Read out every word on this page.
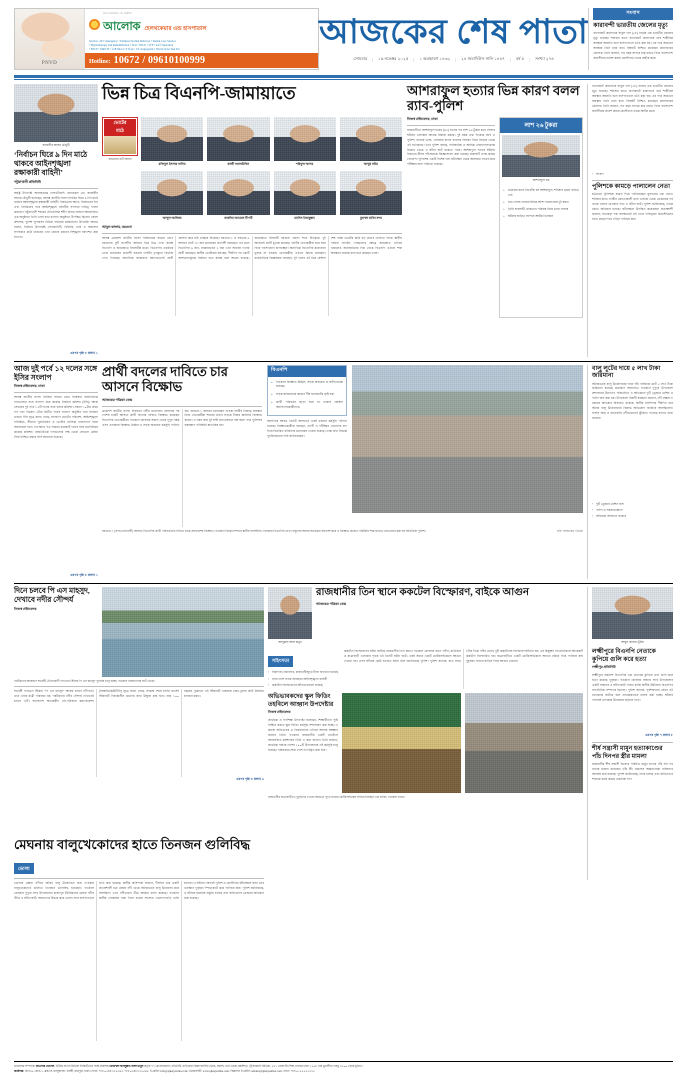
PNVD
ঢাকা মেডিকেল এন্ড ডেন্টাল
আলোক হেলথকেয়ার এন্ড হাসপাতাল
Service- 24/7 emergency • Painless Normal Delivery • Dental Care Service
• Physiotherapy and Rehabilitation • ICU • NICU • IVF • 24/7 Operation
• EECP • MRI 3T • 128 Slice CT Scan • CT Angiogram • World Class Test Etc
Hotline: 10672 / 09610100999
আজকের শেষ পাতা
সোমবার | ১৬ নভেম্বর ২০২৫ | ১ অগ্রহায়ণ ১৪৩২ | ২৪ জমাদিউস সানি ১৪৪৭ | বর্ষ ৫ | সংখ্যা ২৭৪
সংবাদ
কারাবন্দী ভারতীয় জেলের মৃত্যু
বাগেরহাট কারাগারে বাবুল দাস (৫৮) নামের এক ভারতীয় জেলের মৃত্যু হয়েছে। শনিবার রাতে বাগেরহাট কারাগারে তার শারীরিক অবস্থার অবনতি হলে হাসপাতালে ভর্তি করা হয়। এর পরে অচেতন অবস্থায় তিনি মারা যান। বিষয়টি নিশ্চিত করেছেন কারাগারের জেলার। তিনি জানান, গত বছর সাগরে মাছ ধরতে গিয়ে বাংলাদেশ জলসীমায় প্রবেশ করায় কোস্টগার্ড তাকে আটক করে।
জাহাঙ্গীর আলম চৌধুরী
‘নির্বাচন ঘিরে ৯ দিন মাঠে থাকবে আইনশৃঙ্খলা রক্ষাকারী বাহিনী’
পটুয়াখালী প্রতিনিধি
স্বরাষ্ট্র উপদেষ্টা অবসরপ্রাপ্ত লেফটেন্যান্ট জেনারেল মো. জাহাঙ্গীর আলম চৌধুরী বলেছেন, আসন্ন জাতীয় সংসদ নির্বাচন ঘিরে ৯ দিন মাঠে থাকবে আইনশৃঙ্খলা রক্ষাকারী বাহিনী। নির্বাচনের আগে, নির্বাচনের দিন এবং নির্বাচনের পরে আইনশৃঙ্খলা বাহিনীর সদস্যরা দায়িত্ব পালন করবেন। পটুয়াখালী শহরের ঐতিহাসিক শহীদ মিনার প্রাঙ্গণে আয়োজিত এক অনুষ্ঠানে তিনি এসব কথা বলেন। অনুষ্ঠানে উপস্থিত ছিলেন জেলা প্রশাসক, পুলিশ সুপারসহ বিভিন্ন পর্যায়ের কর্মকর্তারা। উপদেষ্টা আরও বলেন, নির্বাচন উপলক্ষে সেনাবাহিনী, বিজিবি, র‍্যাব ও আনসার সদস্যরাও মাঠে থাকবেন এবং কোনো ধরনের বিশৃঙ্খলা বরদাশত করা হবে না।
এরপর পৃষ্ঠা ৮ কলাম ১
ভিন্ন চিত্র বিএনপি-জামায়াতে	আশরাফুল হত্যার ভিন্ন কারণ বলল র‍্যাব-পুলিশ
ভোটের
মাঠে
বরগুনার এটি আসন
মজিবুল ইসলাম নাসিম	কাজী আলাউদ্দিন	শরিফুল আলম	আব্দুর রহিম
আব্দুল আজিজ	রাকসিম আহমেদ টিপটি	মহসিন ইজাবুল্লাহ	মুহাম্মদ হাবিব বশর
আবুল কালাম, বরগুনা
আসন্ন ত্রয়োদশ জাতীয় সংসদ নির্বাচনকে সামনে রেখে বরগুনার দুটি সংসদীয় আসনে ভিন্ন চিত্র দেখা যাচ্ছে বিএনপি ও জামায়াতে ইসলামীর মধ্যে। বিএনপির একাধিক নেতা মনোনয়ন প্রত্যাশী হওয়ায় দলটির তৃণমূলে বিভক্তি দেখা দিয়েছে। অন্যদিকে জামায়াত আগেভাগেই প্রার্থী ঘোষণা করে মাঠ গুছিয়ে নিয়েছে। বরগুনা-১ ও বরগুনা-২ আসনে মোট ১৮ জন মনোনয়ন প্রত্যাশী রয়েছেন। এর মধ্যে বিএনপির ৯ জন, জামায়াতের ২ জন এবং অন্যান্য দলের প্রার্থী রয়েছেন। স্থানীয় ভোটাররা বলছেন, দীর্ঘদিন পর একটি অংশগ্রহণমূলক নির্বাচন হতে যাচ্ছে বলে আগ্রহ বাড়ছে। জামায়াতে ইসলামী বরগুনা জেলা শাখা ইতিমধ্যে দুই আসনেই প্রার্থী চূড়ান্ত করেছে। দলটির নেতাকর্মীরা ঘরে ঘরে গিয়ে গণসংযোগ চালাচ্ছেন। অন্যদিকে বিএনপির মনোনয়ন চূড়ান্ত না হওয়ায় নেতাকর্মীরা এখনো দ্বিধায় রয়েছেন। রাজনৈতিক বিশ্লেষকরা বলছেন, দুই দলের এই ভিন্ন কৌশল শেষ পর্যন্ত ভোটের মাঠে বড় প্রভাব ফেলতে পারে। স্থানীয় পর্যায়ে সংগঠন গোছানোর ক্ষেত্রে জামায়াত এগিয়ে থাকলেও জনসমর্থনের দিক থেকে বিএনপি এখনো শক্ত অবস্থানে রয়েছে বলে মনে করছেন তারা।
নিজস্ব প্রতিবেদক, ঢাকা
রাজধানীতে আশরাফুল হকের (৪২) হত্যার পর লাশ ২৬ টুকরা করে ফেলার ঘটনায় এলাকায় আতঙ্ক বিরাজ করছে। দুই রকম তথ্য দিয়েছে র‍্যাব ও পুলিশ। র‍্যাবের ভাষ্য, এলাকার মাদক ব্যবসার নিয়ন্ত্রণ নিয়ে বিরোধ থেকে এই হত্যাকাণ্ড। তবে পুলিশ বলছে, পারিবারিক ও আর্থিক লেনদেনসংক্রান্ত বিরোধ থেকে এ ঘটনা ঘটে থাকতে পারে। আশরাফুল হত্যার ঘটনায় নিহতের স্ত্রীসহ পাঁচজনকে জিজ্ঞাসাবাদ করা হয়েছে। মামলাটি তদন্ত করছে গোয়েন্দা পুলিশের একটি বিশেষ দল। ঘটনাস্থল থেকে আলামত সংগ্রহ করে পরীক্ষার জন্য পাঠানো হয়েছে।
লাশ ২৬ টুকরা
আশরাফুল হক
» শুক্রবার রাতে নিখোঁজ হন আশরাফুল, শনিবার মেলে খণ্ডিত দেহ
» হাত-পাসহ দেহের বিভিন্ন অংশ পাওয়া যায় দুই স্থানে
» তিনি ব্যবসায়ী, থাকতেন পরিবার নিয়ে ভাড়া বাসায়
» ঘটনায় জড়িত সন্দেহে আটক তিনজন
বাগেরহাট কারাগারে বাবুল দাস (৫৮) নামের এক ভারতীয় জেলের মৃত্যু হয়েছে। শনিবার রাতে বাগেরহাট কারাগারে তার শারীরিক অবস্থার অবনতি হলে হাসপাতালে ভর্তি করা হয়। এর পরে অচেতন অবস্থায় তিনি মারা যান। বিষয়টি নিশ্চিত করেছেন কারাগারের জেলার। তিনি জানান, গত বছর সাগরে মাছ ধরতে গিয়ে বাংলাদেশ জলসীমায় প্রবেশ করায় কোস্টগার্ড তাকে আটক করে।
• সংবাদ
পুলিশকে কামড়ে পালালেন নেতা
চট্টগ্রামে পুলিশকে কামড় দিয়ে পালিয়েছেন যুবদলের এক নেতা। শনিবার রাতে নগরীর কোতোয়ালী থানা এলাকা থেকে গ্রেপ্তারের পর তাকে থানায় নেওয়ার পথে এ ঘটনা ঘটে। পুলিশ জানিয়েছে, তাকে ধরতে অভিযান চলছে। ঘটনাস্থলে উপস্থিত কয়েকজন প্রত্যক্ষদর্শী জানান, হাতকড়া পরা অবস্থাতেই ওই নেতা দায়িত্বরত কনস্টেবলের হাতে কামড় দিয়ে দৌড়ে পালিয়ে যান।
আজ দুই পর্বে ১২ দলের সঙ্গে ইসির সংলাপ
নিজস্ব প্রতিবেদক, ঢাকা
আসন্ন জাতীয় সংসদ নির্বাচন সামনে রেখে নিবন্ধিত রাজনৈতিক দলগুলোর সঙ্গে সংলাপ শুরু করেছে নির্বাচন কমিশন (ইসি)। আজ সোমবার দুই পর্বে ১২টি দলের সঙ্গে বসবে কমিশন। সকাল ১০টায় প্রথম পর্ব এবং বিকেল ৩টায় দ্বিতীয় পর্বের সংলাপ অনুষ্ঠিত হবে নির্বাচন ভবনে। ইসি সূত্রে জানা গেছে, সংলাপে ভোটের পরিবেশ, আইনশৃঙ্খলা পরিস্থিতি, সীমানা পুনর্নির্ধারণ ও ভোটার তালিকা হালনাগাদ নিয়ে আলোচনা হবে। এর আগে গত সপ্তাহে কয়েকটি দলের সঙ্গে মতবিনিময় করেছে কমিশন। রাজনৈতিক দলগুলোর পক্ষ থেকে লেভেল প্লেয়িং ফিল্ড নিশ্চিত করার দাবি জানানো হয়েছে।
এরপর পৃষ্ঠা ৮ কলাম ১
প্রার্থী বদলের দাবিতে চার আসনে বিক্ষোভ
আজকের পত্রিকা ডেস্ক
ত্রয়োদশ জাতীয় সংসদ নির্বাচনে দলীয় মনোনয়ন ঘোষণার পর দেশের চারটি আসনে প্রার্থী বদলের দাবিতে বিক্ষোভ করেছেন বিএনপির নেতাকর্মীরা। গতকাল রোববার সকাল থেকে দুপুর পর্যন্ত এসব এলাকায় বিক্ষোভ মিছিল ও সড়ক অবরোধ কর্মসূচি পালিত হয়। বরগুনা-১ আসনে মনোনয়ন পাওয়া প্রার্থীর বিরুদ্ধে অবস্থান নিয়ে নেতাকর্মীরা শহরের প্রধান সড়কে টায়ার জ্বালিয়ে বিক্ষোভ করেন। এ সময় প্রায় দুই ঘণ্টা যান চলাচল বন্ধ ছিল। পরে পুলিশের হস্তক্ষেপে পরিস্থিতি স্বাভাবিক হয়।
বিএনপি
» গতকাল বিক্ষোভ মিছিল, সড়ক অবরোধ ও ঘণ্টাখানেক হয়েছে।
» সড়ক অবরোধের কারণে দীর্ঘ যানজটের সৃষ্টি হয়।
» প্রার্থী পরিবর্তন ছাড়া ঘরে না ফেরার ঘোষণা আন্দোলনকারীদের।
অন্যদিকে আরও তিনটি আসনেও একই ধরনের কর্মসূচি পালিত হয়েছে। বিক্ষোভকারীরা বলছেন, ত্যাগী ও পরীক্ষিত নেতাদের বাদ দিয়ে বিতর্কিত ব্যক্তিদের মনোনয়ন দেওয়া হয়েছে। তারা দ্রুত সিদ্ধান্ত পুনর্বিবেচনার দাবি জানিয়েছেন।
বরগুনা-১ (সদর-তালতলী) আসনে বিএনপির প্রার্থী পরিবর্তনের দাবিতে শুয়ে-সমাবেশের বিক্ষোভ। গতকাল বিকেলে শহরে স্থানীয় বাসস্ট্যান্ড এলাকায় বিএনপির নেতা বাবুলের আলম সমর্থকরা সমাবেশ করে এ বিক্ষোভ করেন। পরিস্থিতি শান্ত রাখতে মোতায়েন করা হয় অতিরিক্ত পুলিশ।	ছবি: আজকের পত্রিকা
বালু লুটের দায়ে ৫ লাখ টাকা জরিমানা
অবৈধভাবে বালু উত্তোলনের দায়ে পাঁচ ব্যক্তিকে মোট ৫ লাখ টাকা জরিমানা করেছে ভ্রাম্যমাণ আদালত। গতকাল দুপুরে উপজেলা প্রশাসনের উদ্যোগে পরিচালিত এ অভিযানে দুটি ড্রেজার মেশিন ও পাইপ জব্দ করা হয়। উপজেলা নির্বাহী কর্মকর্তা জানান, নদী রক্ষায় এ ধরনের অভিযান অব্যাহত থাকবে। স্থানীয় বাসিন্দারা দীর্ঘদিন ধরে অবৈধ বালু উত্তোলনের বিরুদ্ধে অভিযোগ জানিয়ে আসছিলেন। ফসলি জমি ও বসতবাড়ি নদীভাঙনের ঝুঁকিতে পড়েছে বলেও তারা জানান।
• দুটি ড্রেজার মেশিন জব্দ
• পাইপ ও সরঞ্জাম ধ্বংস
• অভিযান অব্যাহত থাকবে
দিনে চলবে পি এস মাহসুদ, দেখাবে নদীর সৌন্দর্য
নিজস্ব প্রতিবেদক
পর্যটকদের আকর্ষণে শতবর্ষী ঐতিহ্যবাহী প্যাডেল স্টিমার পি এস মাহসুদ পুনরায় চালু হচ্ছে। গতকাল নারায়ণগঞ্জ ঘাট থেকে।
শতবর্ষী প্যাডেল স্টিমার ‘পি এস মাহসুদ’ আবার চলবে নদীপথে। তবে এবার যাত্রী পরিবহন নয়, পর্যটকদের নদীর সৌন্দর্য দেখাতেই চলবে এটি। বাংলাদেশ অভ্যন্তরীণ নৌ-পরিবহন করপোরেশন (বিআইডব্লিউটিসি) সূত্রে জানা গেছে, সংস্কার শেষে চলতি মাসেই স্টিমারটি দিবাকালীন ভ্রমণের জন্য উন্মুক্ত করা হবে। প্রায় ১০০ বছরের পুরোনো এই স্টিমারটি একসময় ঢাকা-খুলনা রুটে নিয়মিত চলাচল করত।
এরপর পৃষ্ঠা ৮ কলাম ৩
আব্দুল্লাহ আল মামুন
রাজধানীর তিন স্থানে ককটেল বিস্ফোরণ, বাইকে আগুন
আজকের পত্রিকা ডেস্ক
সহিংসতা
• নিরাপত্তা জোরদার, রাজধানীজুড়ে টহল বাড়ানো হয়েছে
• সারা দেশে সতর্ক অবস্থানে আইনশৃঙ্খলা বাহিনী
• ককটেল বিস্ফোরণের ঘটনায় মামলা হয়েছে
ককটেল বিস্ফোরণের ঘটনা ঘটেছে রাজধানীর তিন স্থানে। গতকাল রোববার রাতে পল্টন, মতিঝিল ও যাত্রাবাড়ী এলাকায় পৃথক এই তিনটি ঘটনা ঘটে। একই সময়ে একটি মোটরসাইকেলে আগুন দেওয়া হয়। এসব ঘটনায় কেউ হতাহত হয়নি বলে জানিয়েছে পুলিশ। পুলিশ জানায়, রাত সাড়ে ৮টার দিকে পল্টন মোড়ে দুটি ককটেলের বিস্ফোরণ ঘটানো হয়। এর কিছুক্ষণ পর মতিঝিলে আরেকটি ককটেল বিস্ফোরিত হয়। যাত্রাবাড়ীতে একটি মোটরসাইকেলে আগুন ধরিয়ে দিয়ে পালিয়ে যায় দুর্বৃত্তরা। ফায়ার সার্ভিস গিয়ে আগুন নেভায়।
অভিভাবকদের স্কুল ফিডিং তহবিলে আহ্বান উপদেষ্টার
নিজস্ব প্রতিবেদক
প্রাথমিক ও গণশিক্ষা উপদেষ্টা বলেছেন, শিক্ষার্থীদের পুষ্টি নিশ্চিত করতে স্কুল ফিডিং কর্মসূচি সম্প্রসারণ করা হচ্ছে। এ কাজে অভিভাবক ও বিত্তবানদের এগিয়ে আসার আহ্বান জানান তিনি। গতকাল রাজধানীর একটি হোটেলে আয়োজিত কর্মশালায় তিনি এ কথা বলেন। তিনি জানান, প্রাথমিক পর্যায়ে দেশের ১৫০টি উপজেলায় এই কর্মসূচি চালু হয়েছে। পর্যায়ক্রমে সারা দেশে তা বিস্তৃত করা হবে।
রাজধানীর যাত্রাবাড়ীতে দুর্বৃত্তদের দেওয়া আগুনে পুড়ে যাওয়া মোটরসাইকেল সরিয়ে নিচ্ছেন এক ব্যক্তি। গতকাল রাতে।
আবুল কালাম ভূঁইয়া
লক্ষ্মীপুরে বিএনপি নেতাকে কুপিয়ে গুলি করে হত্যা
লক্ষ্মীপুর প্রতিনিধি
লক্ষ্মীপুরে প্রকাশ্যে বিএনপির এক নেতাকে কুপিয়ে এবং গুলি করে হত্যা করেছে দুর্বৃত্তরা। গতকাল রোববার সন্ধ্যায় সদর উপজেলার একটি বাজারে এ ঘটনা ঘটে। নিহত ব্যক্তি স্থানীয় ইউনিয়ন বিএনপির সাংগঠনিক সম্পাদক ছিলেন। পুলিশ জানায়, পূর্বশত্রুতার জেরে এই হত্যাকাণ্ড ঘটেছে বলে প্রাথমিকভাবে ধারণা করা হচ্ছে। ঘটনার পরপরই এলাকায় উত্তেজনা ছড়িয়ে পড়ে।
এরপর পৃষ্ঠা ৭ কলাম ৮
শীর্ষ সন্ত্রাসী মামুন হত্যাকাণ্ডের পাঁচ দিনপর স্ত্রীর মামলা
রাজধানীর শীর্ষ সন্ত্রাসী হিসেবে পরিচিত মামুন হত্যার পাঁচ দিন পর থানায় মামলা করেছেন তাঁর স্ত্রী। মামলায় অজ্ঞাতনামা ব্যক্তিদের আসামি করা হয়েছে। পুলিশ জানিয়েছে, তদন্ত চলছে এবং জড়িতদের শনাক্তে কাজ করছে একাধিক দল।
মেঘনায় বালুখেকোদের হাতে তিনজন গুলিবিদ্ধ
ভোলা
ভোলার মেঘনা নদীতে অবৈধ বালু উত্তোলনে বাধা দেওয়ায় বালুখেকোদের গুলিতে তিনজন গুলিবিদ্ধ হয়েছেন। গতকাল রোববার দুপুরে সদর উপজেলার রাজাপুর ইউনিয়নের মেঘনা নদীর তীরে এ ঘটনা ঘটে। আহতদের উদ্ধার করে ভোলা সদর হাসপাতালে ভর্তি করা হয়েছে। স্থানীয় বাসিন্দারা জানান, দীর্ঘদিন ধরে একটি প্রভাবশালী চক্র মেঘনা নদী থেকে অবৈধভাবে বালু উত্তোলন করে আসছিল। এতে নদীভাঙন তীব্র আকার ধারণ করেছে। গতকাল স্থানীয় লোকজন বাধা দিলে চক্রের সদস্যরা এলোপাতাড়ি গুলি চালায়। এ ঘটনার পরপরই পুলিশ ও কোস্টগার্ড ঘটনাস্থলে যায়। তবে ততক্ষণে দুর্বৃত্তরা স্পিডবোটে করে পালিয়ে যায়। পুলিশ জানিয়েছে, এ ঘটনায় মামলার প্রস্তুতি চলছে এবং জড়িতদের গ্রেপ্তারে অভিযান শুরু হয়েছে।
ভারপ্রাপ্ত সম্পাদক: কাওসার হোসেন, নিউজ বাংলা মিডিয়া লিমিটেডের পক্ষে প্রকাশক মোহাম্মদ আবদুল্লাহ আল মামুন কর্তৃক ৭৭ মোতাহারবাগ এভিনিউ, বাড়িধারা বিজ্ঞাপনবিথি থেকে, প্রকাশ, তথা থেকে প্রকাশিত। ট্রেজারমণি মিডিয়া, ২২১ তেজগাঁও শিল্প এলাকা ঢাকা ১২০৮ এরা মুদ্রাণীয়। ফকচু ৩৫০০ থেকে মুদ্রিত।
কার্যালয়: বাড়ি-৯, রোড-১, ব্লক-সি, মনসুরাবাদ, বনশ্রী, রামপুরা, ঢাকা। ফোন: +৮৮০২৪৮৩২২৫৬৫, +৮৮০২৪৮৩২২৫৬৫, ই-মেইল: info@ajkerpatrika.com, ওয়েবসাইট: www.ajkerpatrika.com, বিজ্ঞাপন ই-মেইল: adsales@ajkerpatrika.com, ফোন: +৮৮০১৫৫৫৫৫৫২৫
